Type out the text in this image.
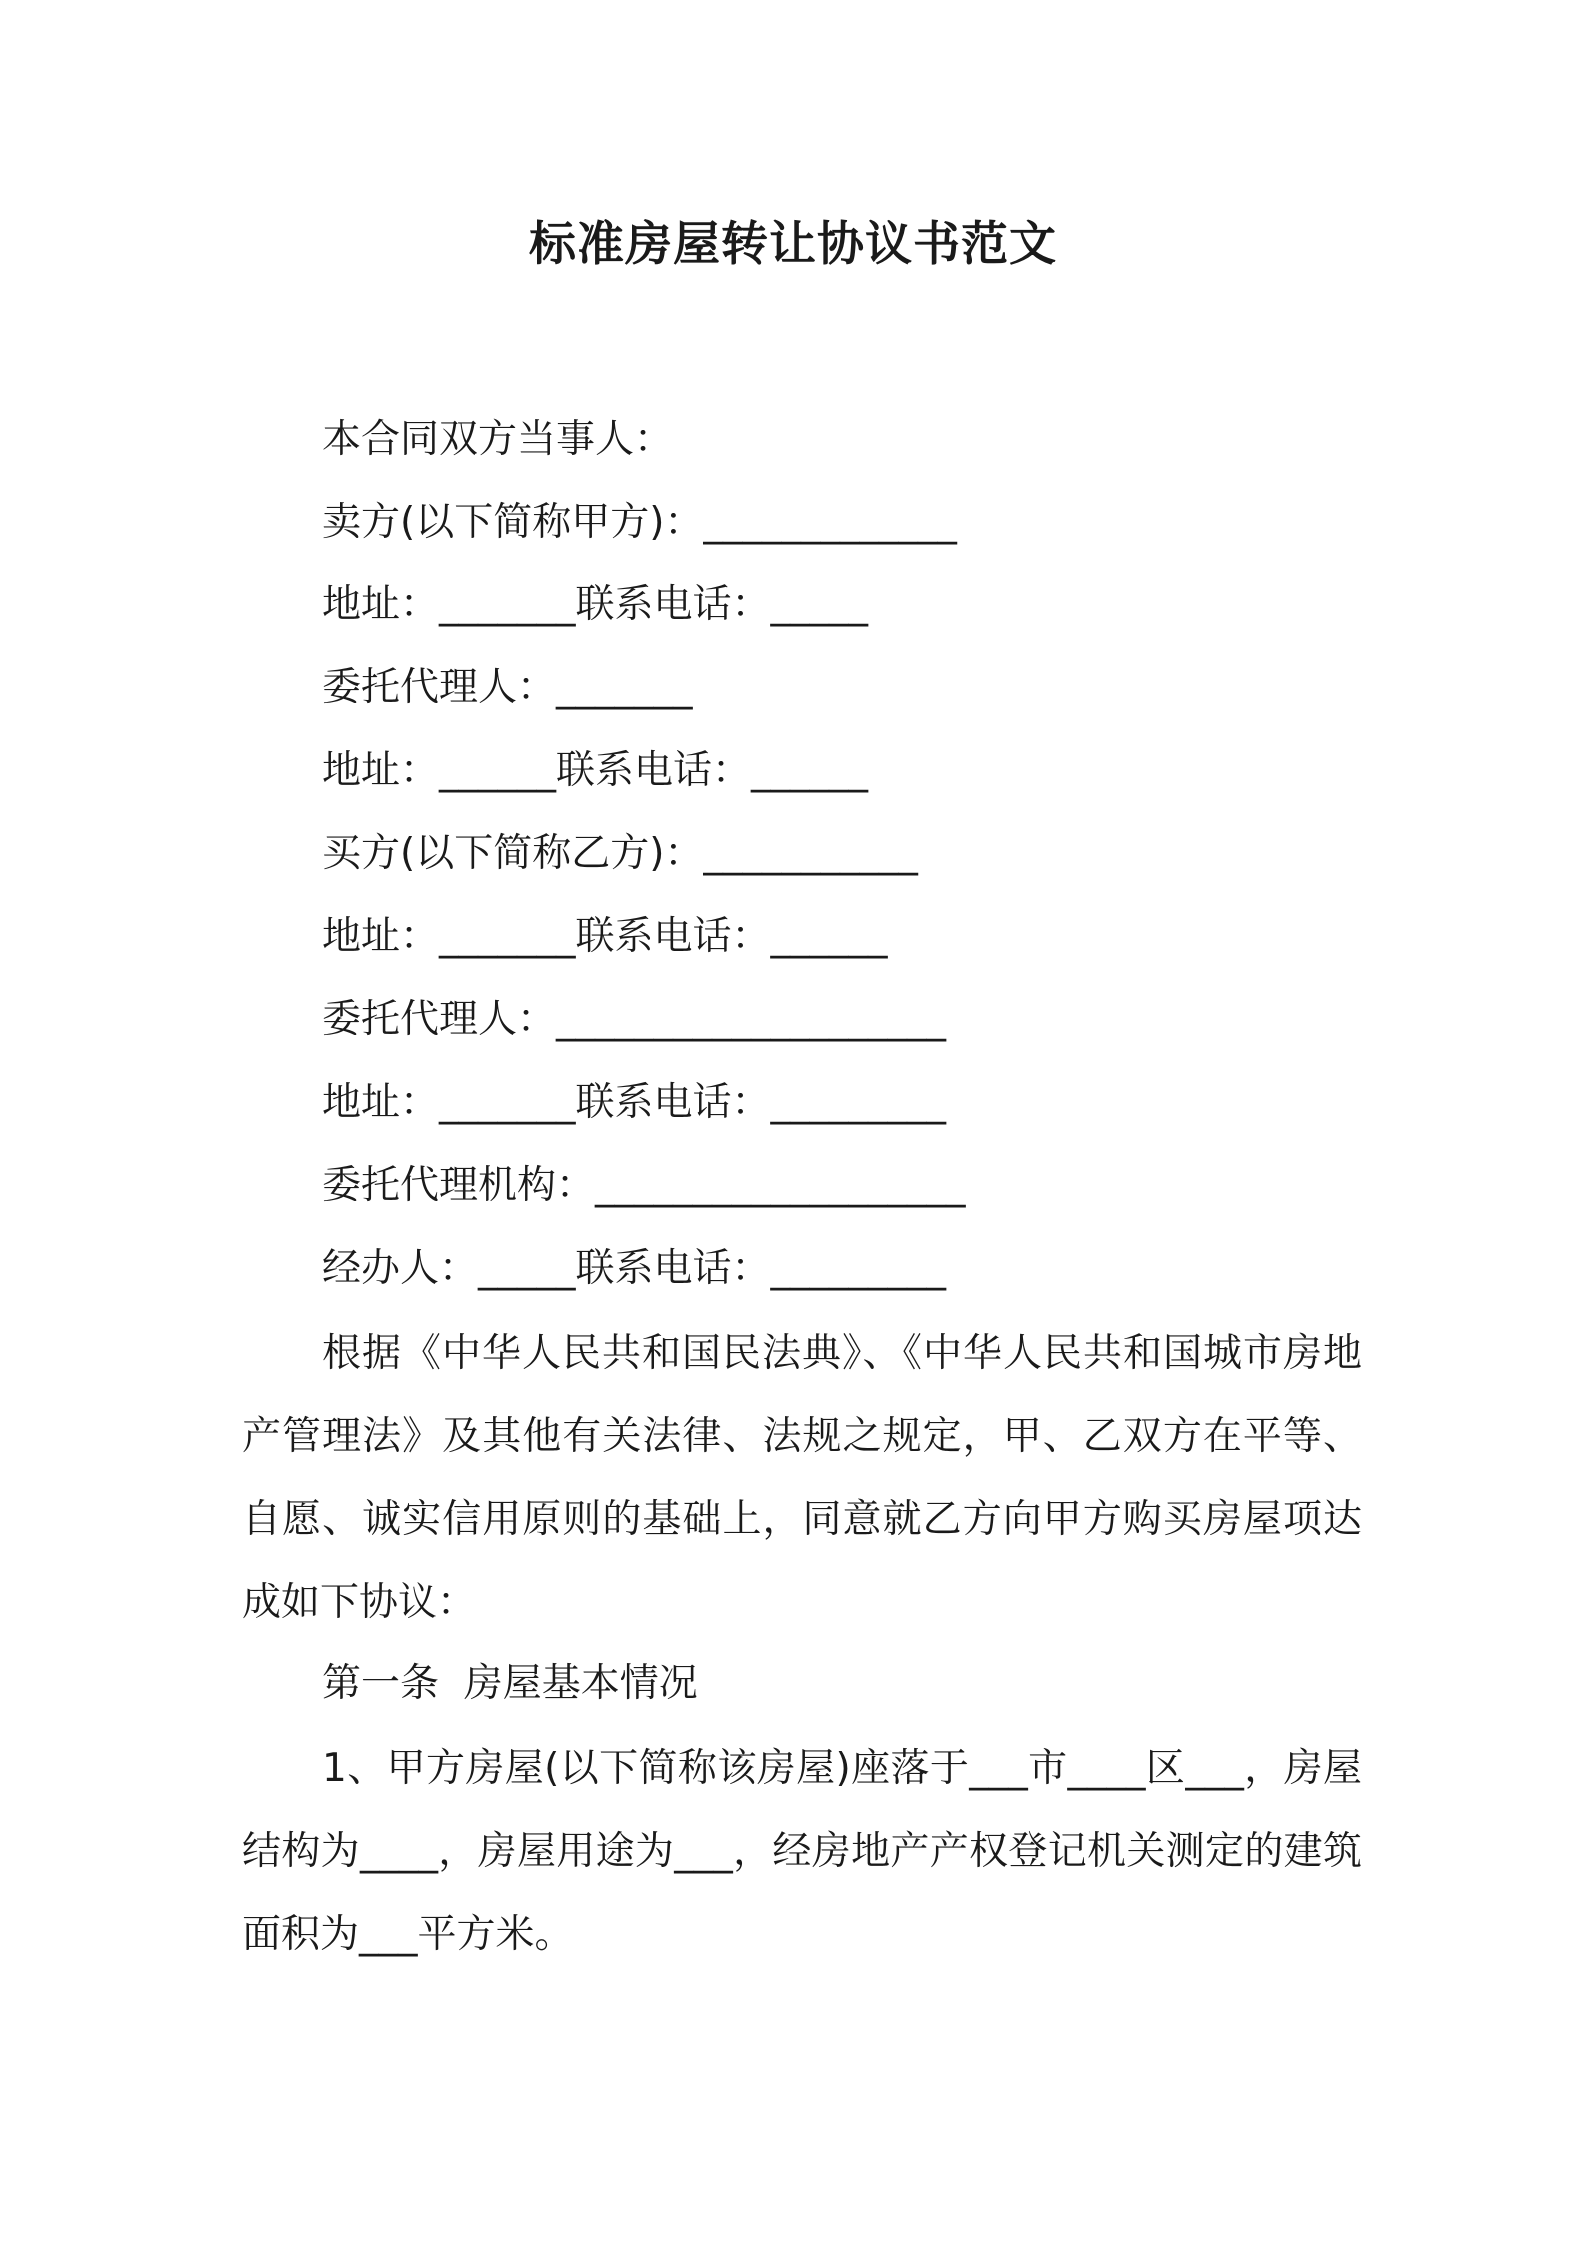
标准房屋转让协议书范文
本合同双方当事人：
卖方(以下简称甲方)：_____________
地址：_______联系电话：_____
委托代理人：_______
地址：______联系电话：______
买方(以下简称乙方)：___________
地址：_______联系电话：______
委托代理人：____________________
地址：_______联系电话：_________
委托代理机构：___________________
经办人：_____联系电话：_________
根据《中华人民共和国民法典》、《中华人民共和国城市房地产管理法》及其他有关法律、法规之规定，甲、乙双方在平等、自愿、诚实信用原则的基础上，同意就乙方向甲方购买房屋项达成如下协议：
第一条  房屋基本情况
1、甲方房屋(以下简称该房屋)座落于___市____区___，房屋结构为____，房屋用途为___，经房地产产权登记机关测定的建筑面积为___平方米。
